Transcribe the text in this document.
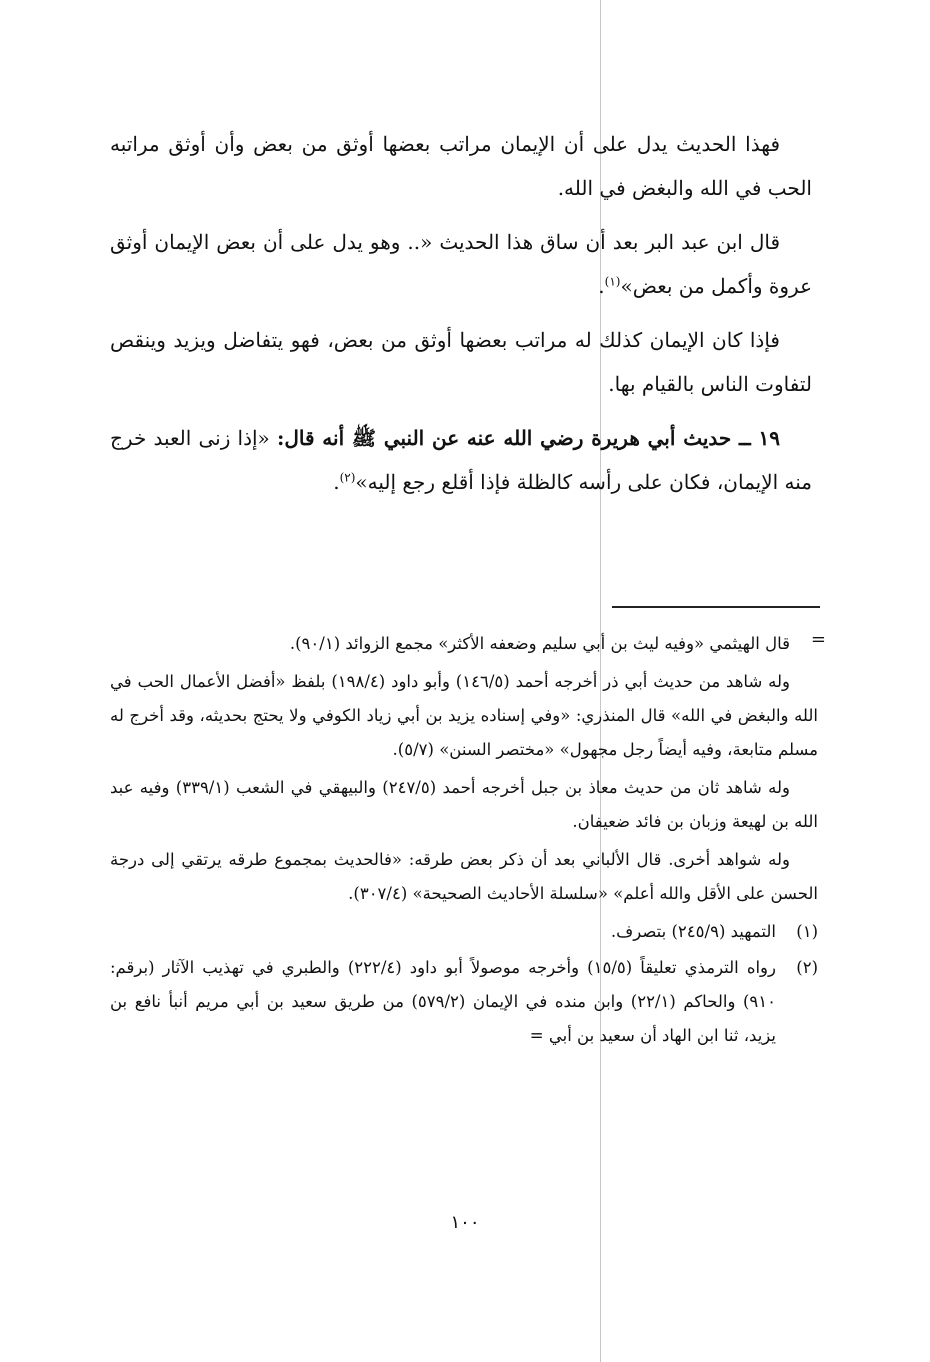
فهذا الحديث يدل على أن الإيمان مراتب بعضها أوثق من بعض وأن أوثق مراتبه الحب في الله والبغض في الله.

قال ابن عبد البر بعد أن ساق هذا الحديث «.. وهو يدل على أن بعض الإيمان أوثق عروة وأكمل من بعض»$^{(١)}$.

فإذا كان الإيمان كذلك له مراتب بعضها أوثق من بعض، فهو يتفاضل ويزيد وينقص لتفاوت الناس بالقيام بها.

١٩ ــ حديث أبي هريرة رضي الله عنه عن النبي ﷺ أنه قال: «إذا زنى العبد خرج منه الإيمان، فكان على رأسه كالظلة فإذا أقلع رجع إليه»$^{(٢)}$.

=

قال الهيثمي «وفيه ليث بن أبي سليم وضعفه الأكثر» مجمع الزوائد (٩٠/١).

وله شاهد من حديث أبي ذر أخرجه أحمد (١٤٦/٥) وأبو داود (١٩٨/٤) بلفظ «أفضل الأعمال الحب في الله والبغض في الله» قال المنذري: «وفي إسناده يزيد بن أبي زياد الكوفي ولا يحتج بحديثه، وقد أخرج له مسلم متابعة، وفيه أيضاً رجل مجهول» «مختصر السنن» (٥/٧).

وله شاهد ثان من حديث معاذ بن جبل أخرجه أحمد (٢٤٧/٥) والبيهقي في الشعب (٣٣٩/١) وفيه عبد الله بن لهيعة وزبان بن فائد ضعيفان.

وله شواهد أخرى. قال الألباني بعد أن ذكر بعض طرقه: «فالحديث بمجموع طرقه يرتقي إلى درجة الحسن على الأقل والله أعلم» «سلسلة الأحاديث الصحيحة» (٣٠٧/٤).

(١)
التمهيد (٢٤٥/٩) بتصرف.

(٢)
رواه الترمذي تعليقاً (١٥/٥) وأخرجه موصولاً أبو داود (٢٢٢/٤) والطبري في تهذيب الآثار (برقم: ٩١٠) والحاكم (٢٢/١) وابن منده في الإيمان (٥٧٩/٢) من طريق سعيد بن أبي مريم أنبأ نافع بن يزيد، ثنا ابن الهاد أن سعيد بن أبي =

١٠٠
